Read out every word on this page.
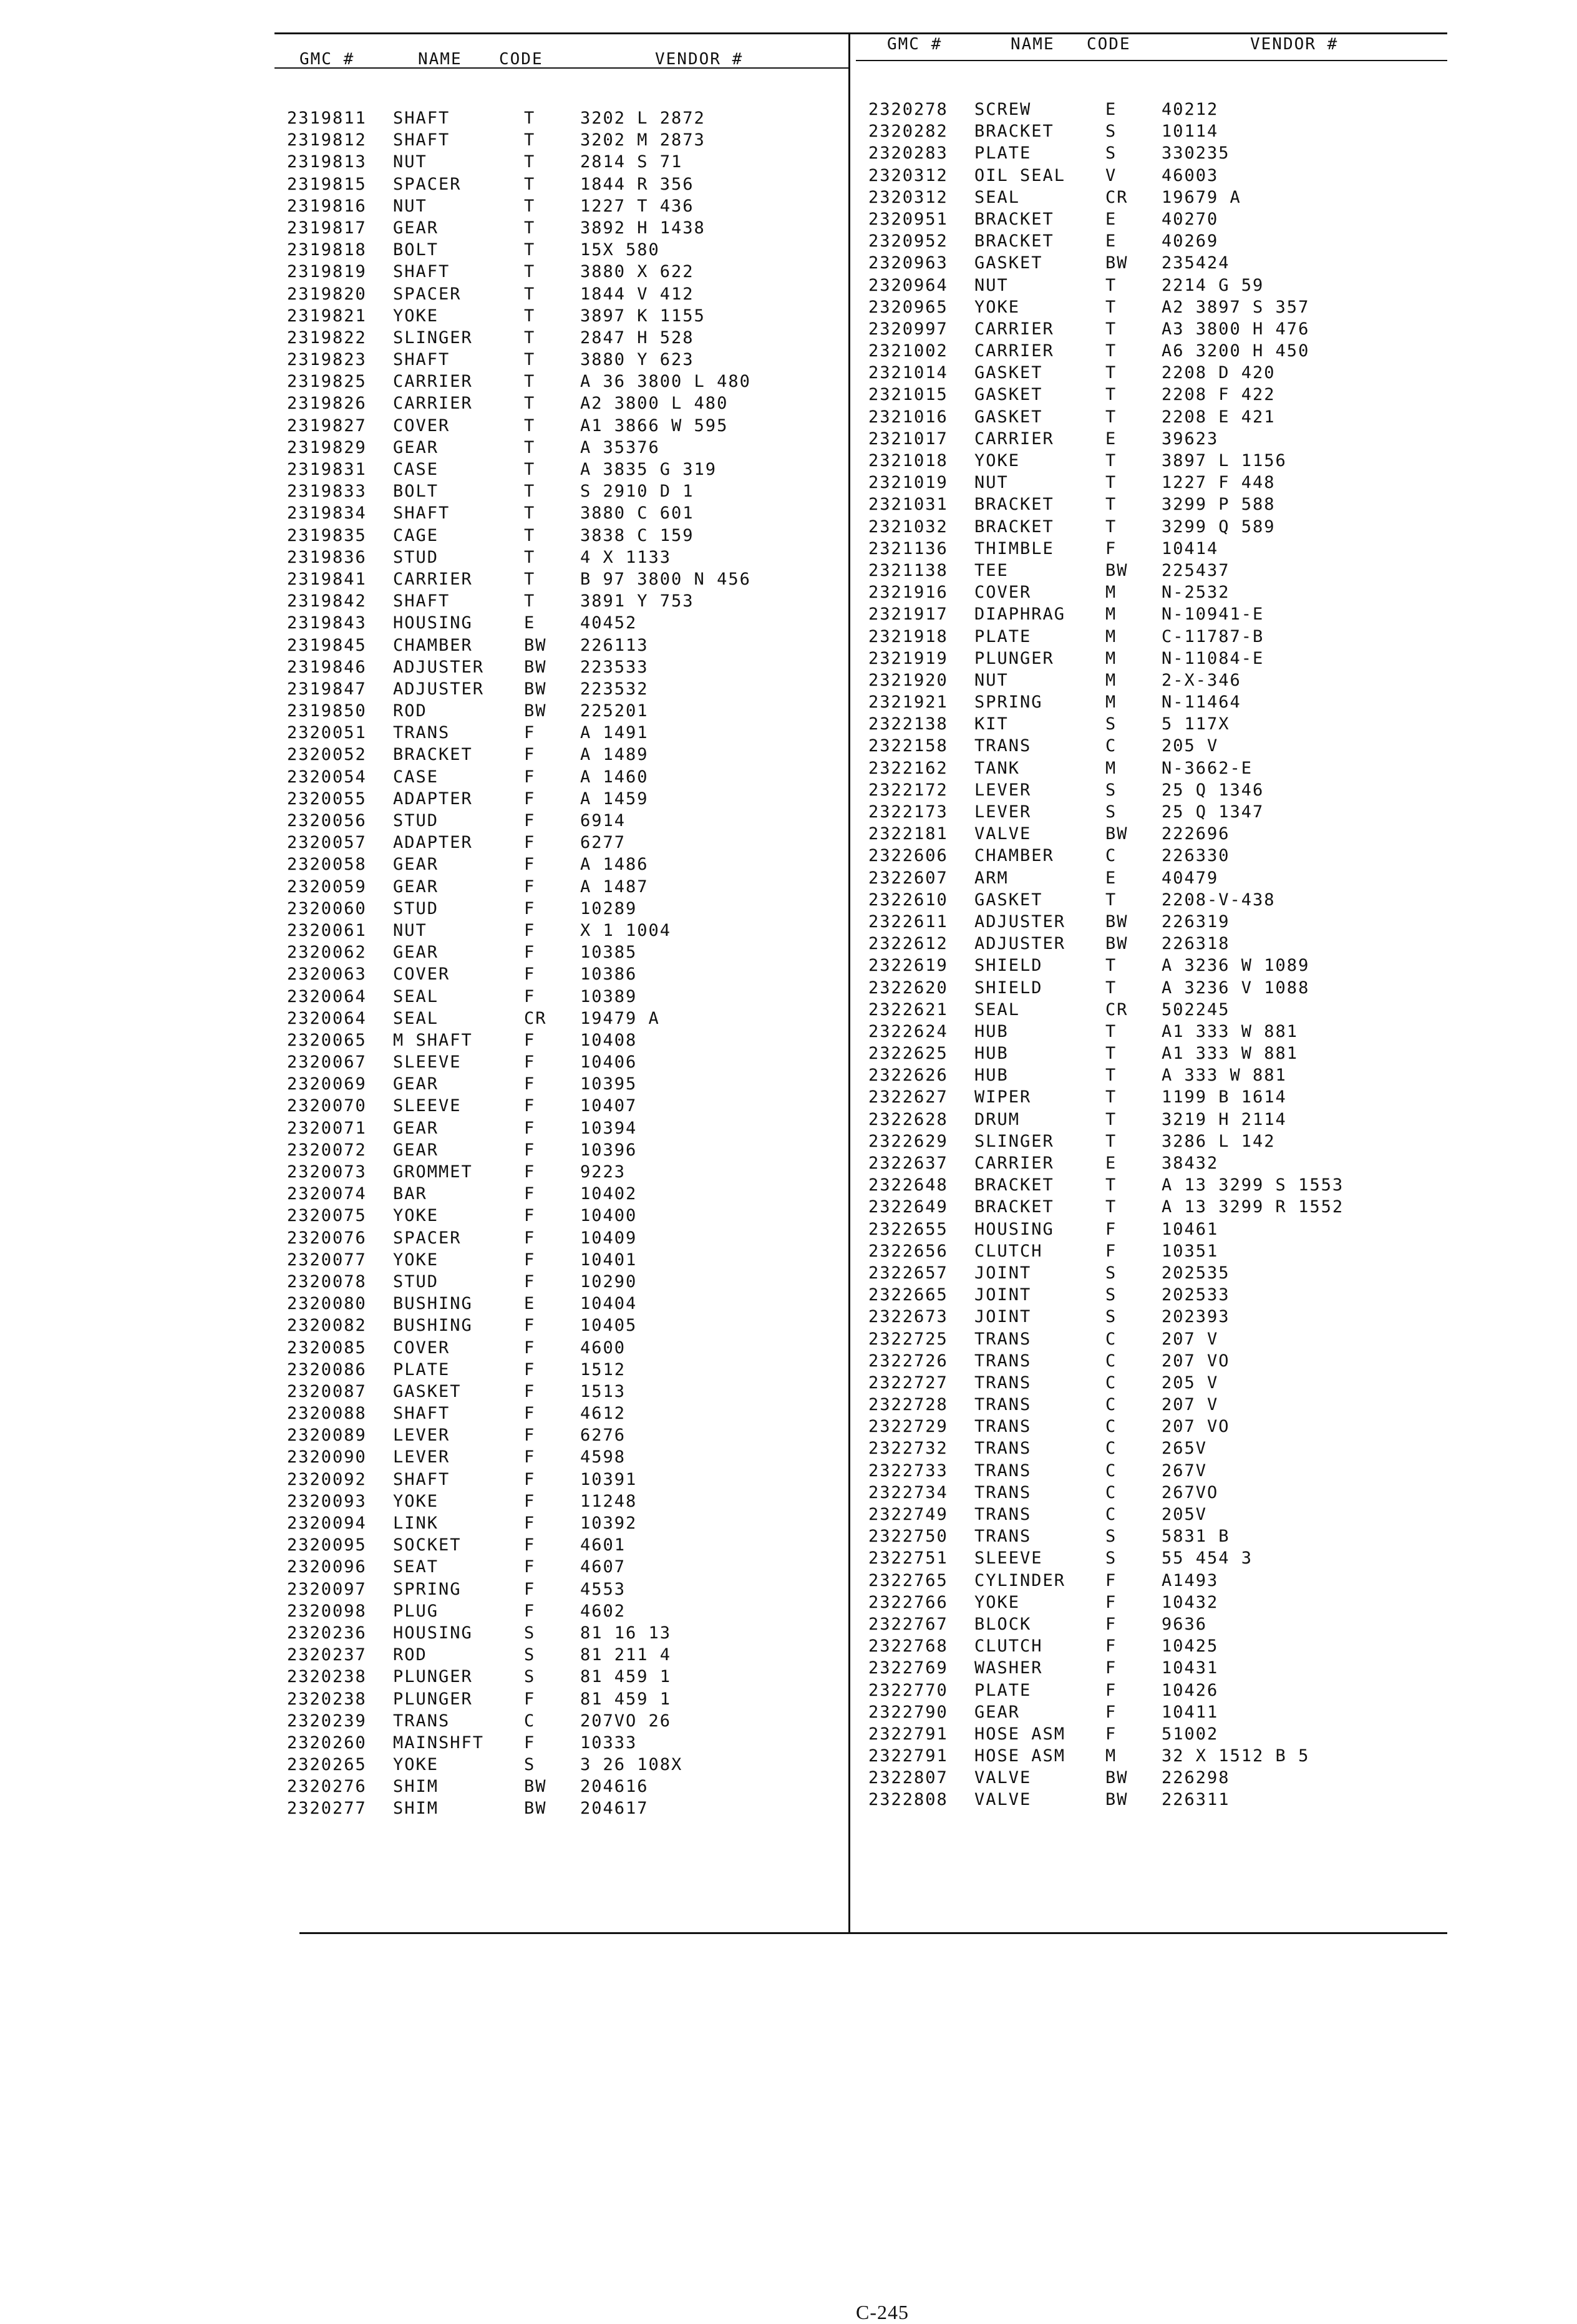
GMC #	NAME CODE	VENDOR #
2319811 SHAFT	T	3202 L 2872
2319812 SHAFT	T	3202 M 2873
2319813 NUT	T	2814 S 71
2319815 SPACER	T	1844 R 356
2319816 NUT	T	1227 T 436
2319817 GEAR	T	3892 H 1438
2319818 BOLT	T	15X 580
2319819 SHAFT	T	3880 X 622
2319820 SPACER	T	1844 V 412
2319821 YOKE	T	3897 K 1155
2319822 SLINGER	T	2847 H 528
2319823 SHAFT	T	3880 Y 623
2319825 CARRIER	T	A 36 3800 L 480
2319826 CARRIER	T	A2 3800 L 480
2319827 COVER	T	A1 3866 W 595
2319829 GEAR	T	A 35376
2319831 CASE	T	A 3835 G 319
2319833 BOLT	T	S 2910 D 1
2319834 SHAFT	T	3880 C 601
2319835 CAGE	T	3838 C 159
2319836 STUD	T	4 X 1133
2319841 CARRIER	T	B 97 3800 N 456
2319842 SHAFT	T	3891 Y 753
2319843 HOUSING	E	40452
2319845 CHAMBER	BW 226113
2319846 ADJUSTER BW 223533
2319847 ADJUSTER BW 223532
2319850 ROD	BW 225201
2320051 TRANS	F	A 1491
2320052 BRACKET	F	A 1489
2320054 CASE	F	A 1460
2320055 ADAPTER	F	A 1459
2320056 STUD	F	6914
2320057 ADAPTER	F	6277
2320058 GEAR	F	A 1486
2320059 GEAR	F	A 1487
2320060 STUD	F	10289
2320061 NUT	F	X 1 1004
2320062 GEAR	F	10385
2320063 COVER	F	10386
2320064 SEAL	F	10389
2320064 SEAL	CR 19479 A
2320065 M SHAFT	F	10408
2320067 SLEEVE	F	10406
2320069 GEAR	F	10395
2320070 SLEEVE	F	10407
2320071 GEAR	F	10394
2320072 GEAR	F	10396
2320073 GROMMET	F	9223
2320074 BAR	F	10402
2320075 YOKE	F	10400
2320076 SPACER	F	10409
2320077 YOKE	F	10401
2320078 STUD	F	10290
2320080 BUSHING	E	10404
2320082 BUSHING	F	10405
2320085 COVER	F	4600
2320086 PLATE	F	1512
2320087 GASKET	F	1513
2320088 SHAFT	F	4612
2320089 LEVER	F	6276
2320090 LEVER	F	4598
2320092 SHAFT	F	10391
2320093 YOKE	F	11248
2320094 LINK	F	10392
2320095 SOCKET	F	4601
2320096 SEAT	F	4607
2320097 SPRING	F	4553
2320098 PLUG	F	4602
2320236 HOUSING	S	81 16 13
2320237 ROD	S	81 211 4
2320238 PLUNGER	S	81 459 1
2320238 PLUNGER	F	81 459 1
2320239 TRANS	C	207VO 26
2320260 MAINSHFT F	10333
2320265 YOKE	S	3 26 108X
2320276 SHIM	BW 204616
2320277 SHIM	BW 204617
GMC #	NAME CODE	VENDOR #
2320278 SCREW	E	40212
2320282 BRACKET	S	10114
2320283 PLATE	S	330235
2320312 OIL SEAL V	46003
2320312 SEAL	CR 19679 A
2320951 BRACKET	E	40270
2320952 BRACKET	E	40269
2320963 GASKET	BW 235424
2320964 NUT	T	2214 G 59
2320965 YOKE	T	A2 3897 S 357
2320997 CARRIER	T	A3 3800 H 476
2321002 CARRIER	T	A6 3200 H 450
2321014 GASKET	T	2208 D 420
2321015 GASKET	T	2208 F 422
2321016 GASKET	T	2208 E 421
2321017 CARRIER	E	39623
2321018 YOKE	T	3897 L 1156
2321019 NUT	T	1227 F 448
2321031 BRACKET	T	3299 P 588
2321032 BRACKET	T	3299 Q 589
2321136 THIMBLE	F	10414
2321138 TEE	BW 225437
2321916 COVER	M	N-2532
2321917 DIAPHRAG M	N-10941-E
2321918 PLATE	M	C-11787-B
2321919 PLUNGER	M	N-11084-E
2321920 NUT	M	2-X-346
2321921 SPRING	M	N-11464
2322138 KIT	S	5 117X
2322158 TRANS	C	205 V
2322162 TANK	M	N-3662-E
2322172 LEVER	S	25 Q 1346
2322173 LEVER	S	25 Q 1347
2322181 VALVE	BW 222696
2322606 CHAMBER	C	226330
2322607 ARM	E	40479
2322610 GASKET	T	2208-V-438
2322611 ADJUSTER BW 226319
2322612 ADJUSTER BW 226318
2322619 SHIELD	T	A 3236 W 1089
2322620 SHIELD	T	A 3236 V 1088
2322621 SEAL	CR 502245
2322624 HUB	T	A1 333 W 881
2322625 HUB	T	A1 333 W 881
2322626 HUB	T	A 333 W 881
2322627 WIPER	T	1199 B 1614
2322628 DRUM	T	3219 H 2114
2322629 SLINGER	T	3286 L 142
2322637 CARRIER	E	38432
2322648 BRACKET	T	A 13 3299 S 1553
2322649 BRACKET	T	A 13 3299 R 1552
2322655 HOUSING	F	10461
2322656 CLUTCH	F	10351
2322657 JOINT	S	202535
2322665 JOINT	S	202533
2322673 JOINT	S	202393
2322725 TRANS	C	207 V
2322726 TRANS	C	207 VO
2322727 TRANS	C	205 V
2322728 TRANS	C	207 V
2322729 TRANS	C	207 VO
2322732 TRANS	C	265V
2322733 TRANS	C	267V
2322734 TRANS	C	267VO
2322749 TRANS	C	205V
2322750 TRANS	S	5831 B
2322751 SLEEVE	S	55 454 3
2322765 CYLINDER F	A1493
2322766 YOKE	F	10432
2322767 BLOCK	F	9636
2322768 CLUTCH	F	10425
2322769 WASHER	F	10431
2322770 PLATE	F	10426
2322790 GEAR	F	10411
2322791 HOSE ASM F	51002
2322791 HOSE ASM M	32 X 1512 B 5
2322807 VALVE	BW 226298
2322808 VALVE	BW 226311
C-245
